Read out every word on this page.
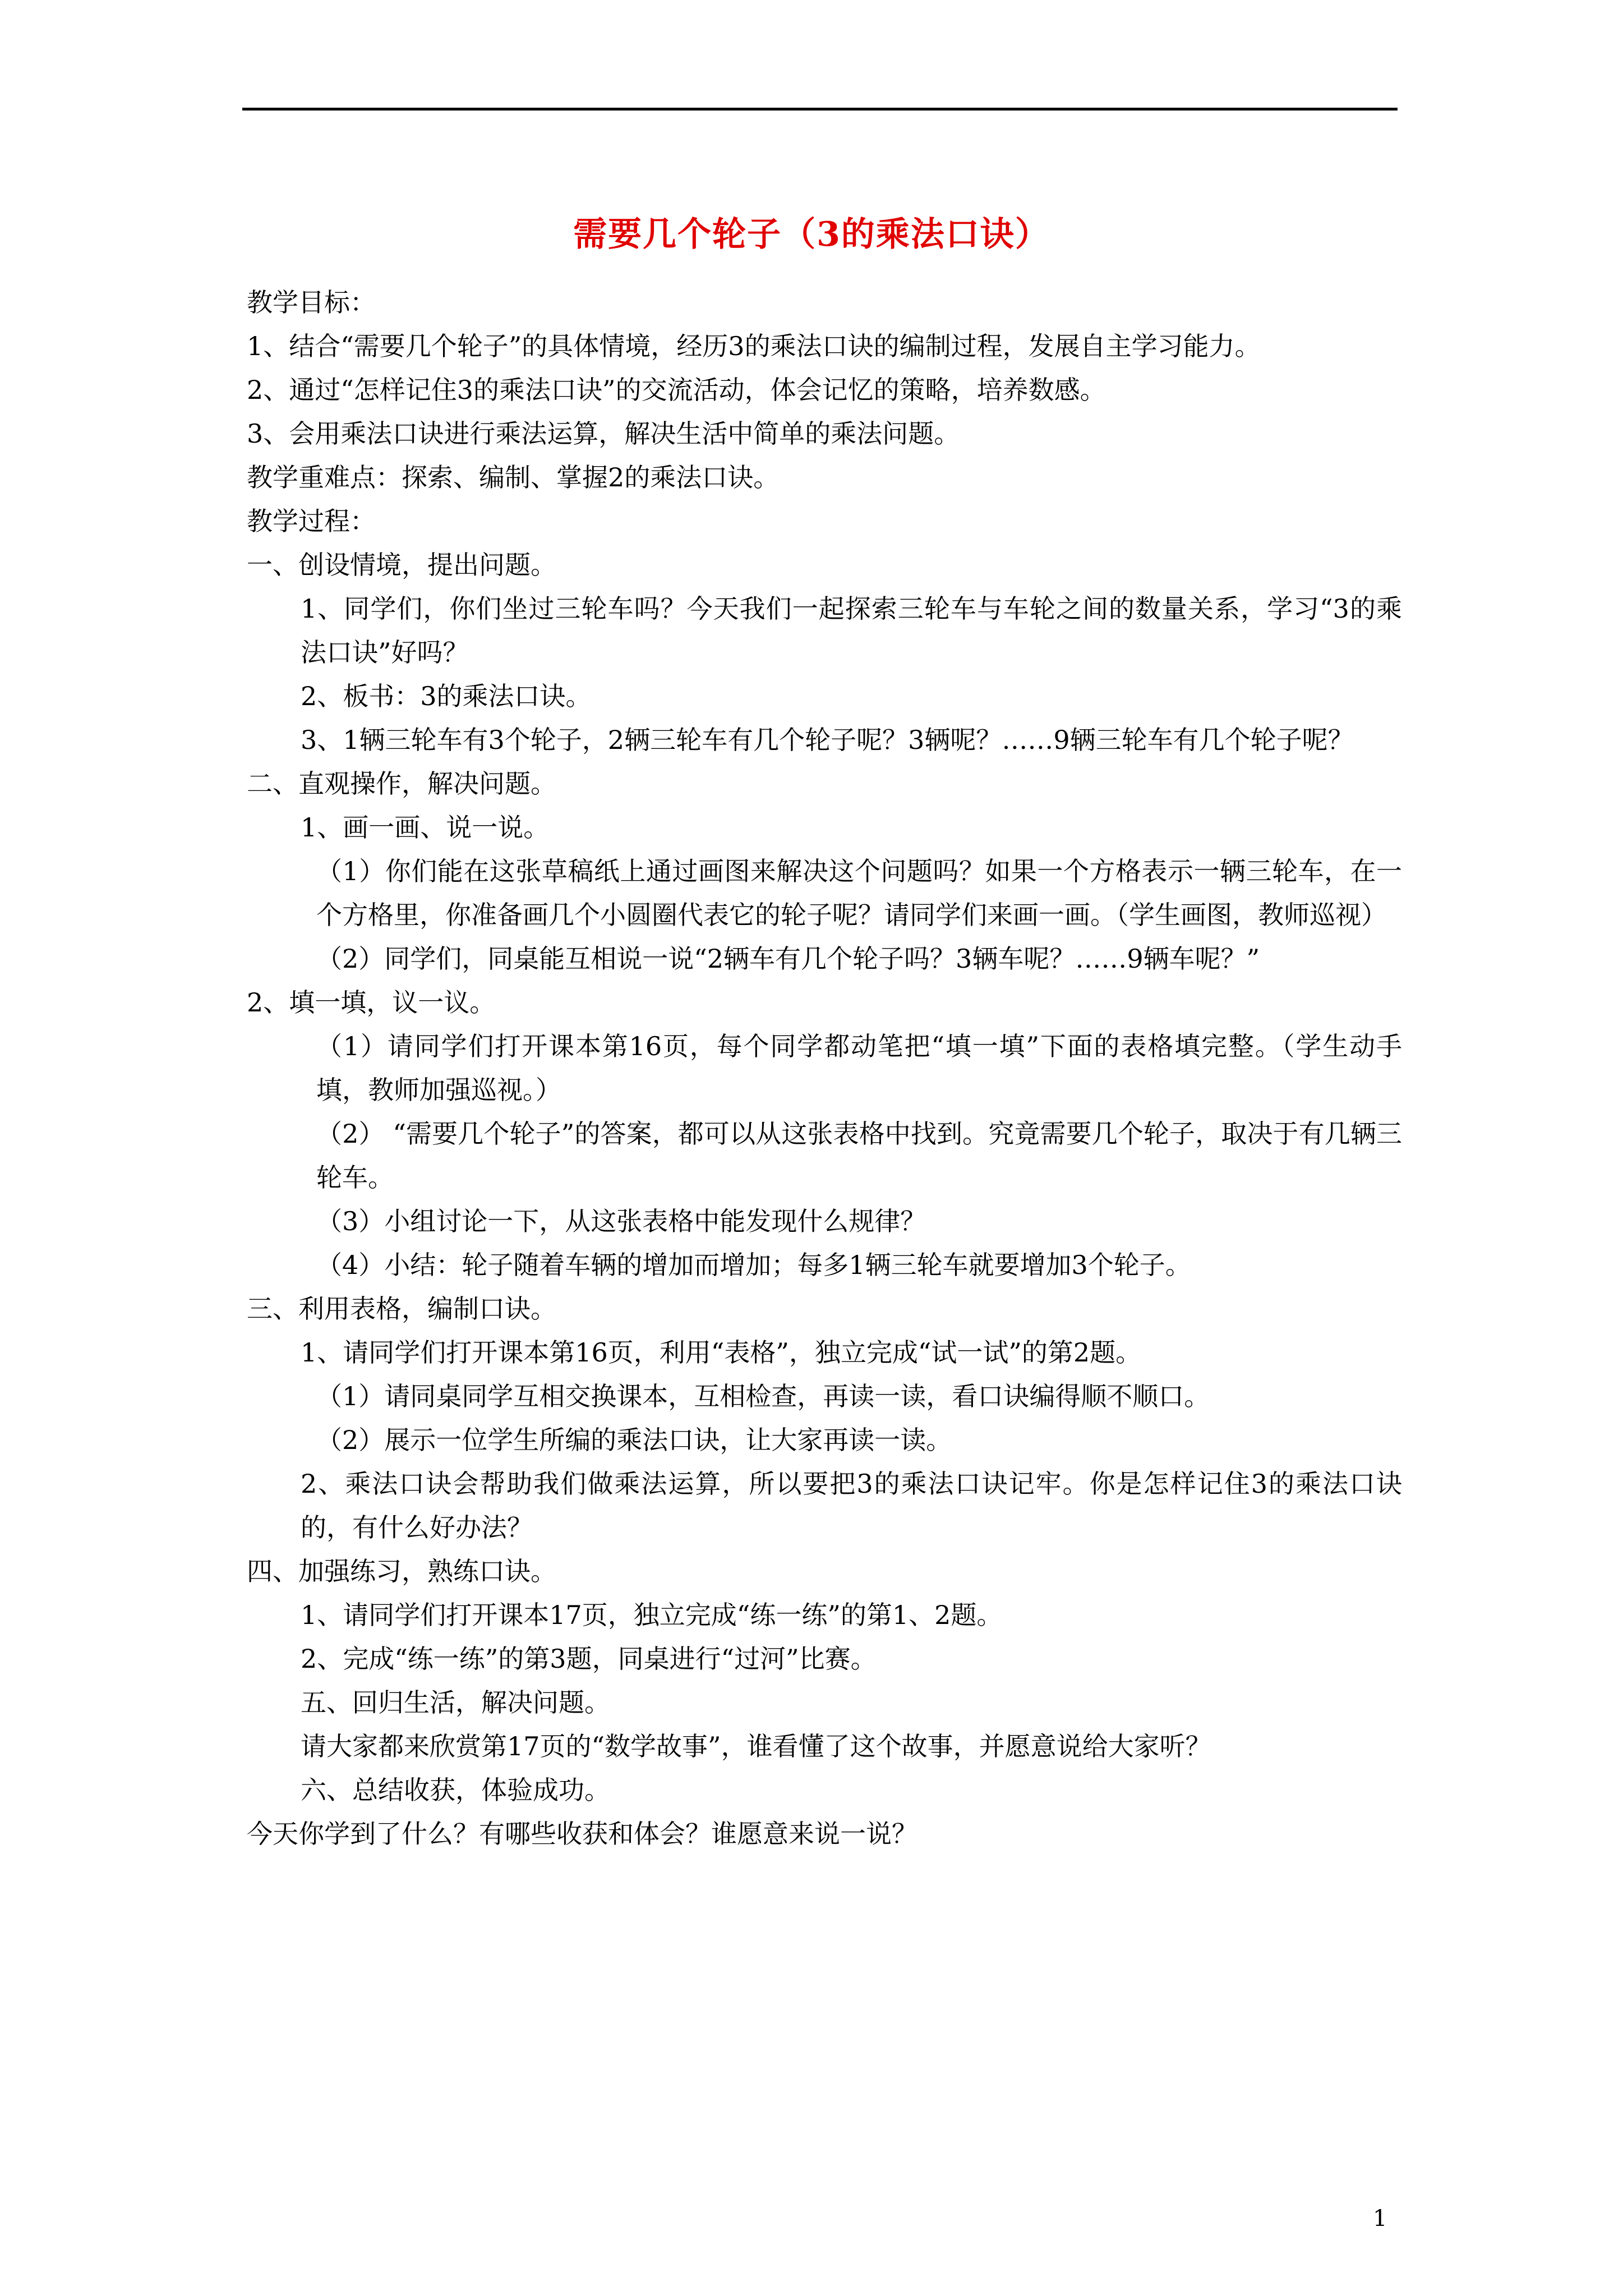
需要几个轮子（3的乘法口诀）

教学目标：

1、结合“需要几个轮子”的具体情境，经历3的乘法口诀的编制过程，发展自主学习能力。

2、通过“怎样记住3的乘法口诀”的交流活动，体会记忆的策略，培养数感。

3、会用乘法口诀进行乘法运算，解决生活中简单的乘法问题。

教学重难点：探索、编制、掌握2的乘法口诀。

教学过程：

一、创设情境，提出问题。

1、同学们，你们坐过三轮车吗？今天我们一起探索三轮车与车轮之间的数量关系，学习“3的乘法口诀”好吗？

2、板书：3的乘法口诀。

3、1辆三轮车有3个轮子，2辆三轮车有几个轮子呢？3辆呢？……9辆三轮车有几个轮子呢？

二、直观操作，解决问题。

1、画一画、说一说。

（1）你们能在这张草稿纸上通过画图来解决这个问题吗？如果一个方格表示一辆三轮车，在一个方格里，你准备画几个小圆圈代表它的轮子呢？请同学们来画一画。（学生画图，教师巡视）

（2）同学们，同桌能互相说一说“2辆车有几个轮子吗？3辆车呢？……9辆车呢？”

2、填一填，议一议。

（1）请同学们打开课本第16页，每个同学都动笔把“填一填”下面的表格填完整。（学生动手填，教师加强巡视。）

（2） “需要几个轮子”的答案，都可以从这张表格中找到。究竟需要几个轮子，取决于有几辆三轮车。

（3）小组讨论一下，从这张表格中能发现什么规律？

（4）小结：轮子随着车辆的增加而增加；每多1辆三轮车就要增加3个轮子。

三、利用表格，编制口诀。

1、请同学们打开课本第16页，利用“表格”，独立完成“试一试”的第2题。

（1）请同桌同学互相交换课本，互相检查，再读一读，看口诀编得顺不顺口。

（2）展示一位学生所编的乘法口诀，让大家再读一读。

2、乘法口诀会帮助我们做乘法运算，所以要把3的乘法口诀记牢。你是怎样记住3的乘法口诀的，有什么好办法？

四、加强练习，熟练口诀。

1、请同学们打开课本17页，独立完成“练一练”的第1、2题。

2、完成“练一练”的第3题，同桌进行“过河”比赛。

五、回归生活，解决问题。

请大家都来欣赏第17页的“数学故事”，谁看懂了这个故事，并愿意说给大家听？

六、总结收获，体验成功。

今天你学到了什么？有哪些收获和体会？谁愿意来说一说？

1
